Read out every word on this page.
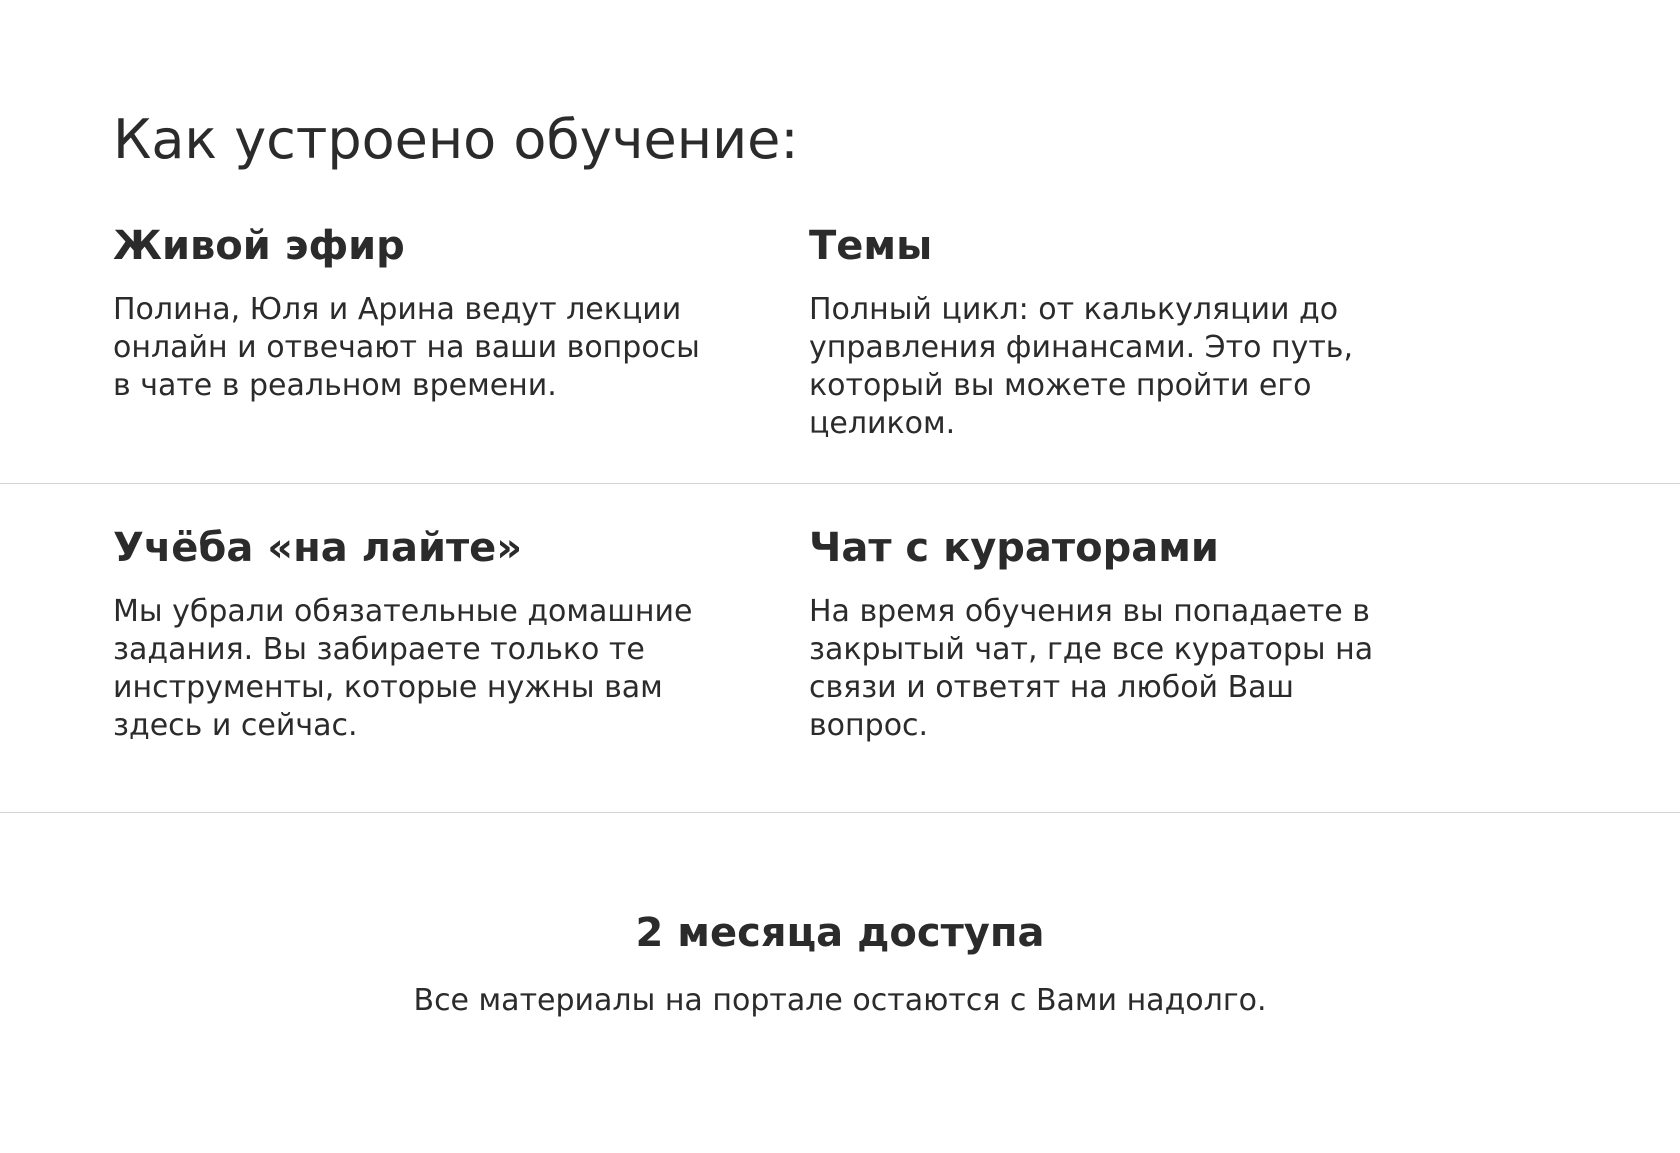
Как устроено обучение:
Живой эфир

Полина, Юля и Арина ведут лекции онлайн и отвечают на ваши вопросы в чате в реальном времени.

Темы

Полный цикл: от калькуляции до управления финансами. Это путь, который вы можете пройти его целиком.

Учёба «на лайте»

Мы убрали обязательные домашние задания. Вы забираете только те инструменты, которые нужны вам здесь и сейчас.

Чат с кураторами

На время обучения вы попадаете в закрытый чат, где все кураторы на связи и ответят на любой Ваш вопрос.

2 месяца доступа

Все материалы на портале остаются с Вами надолго.
